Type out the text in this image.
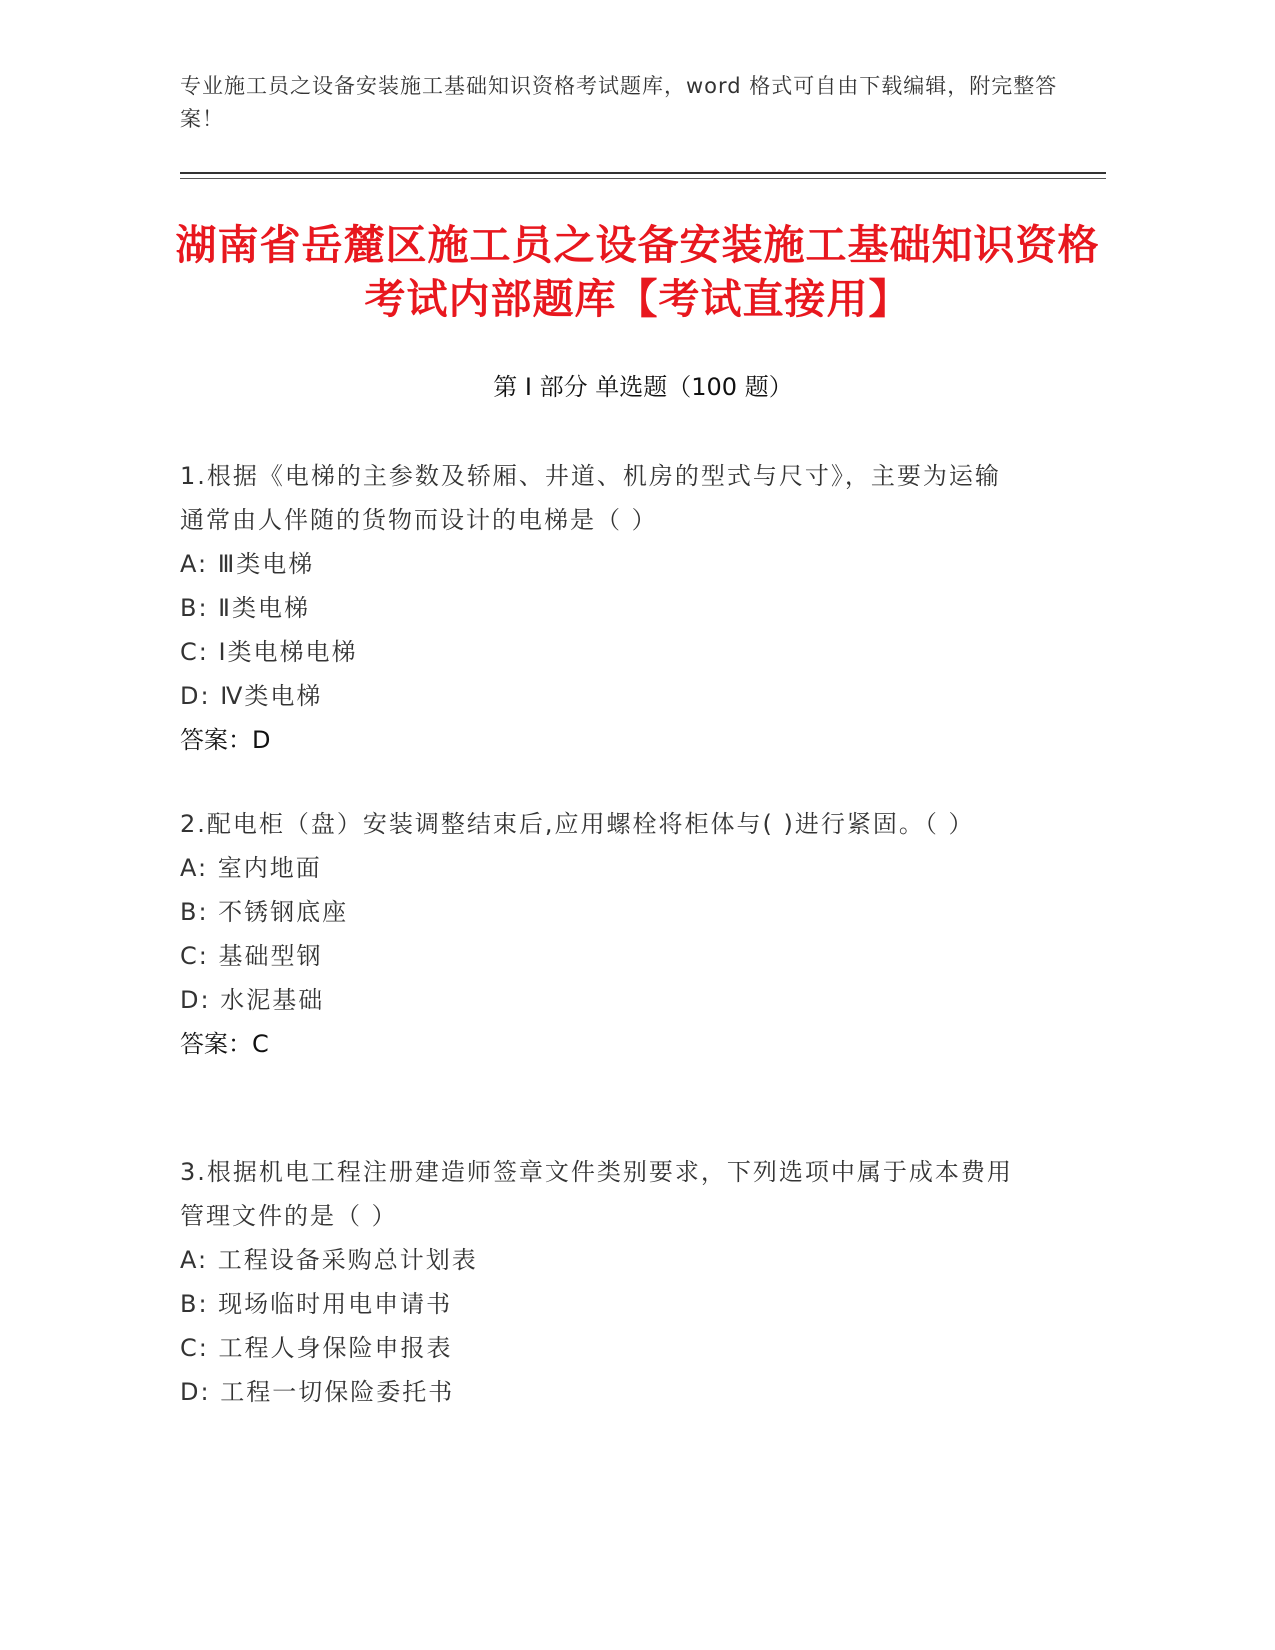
专业施工员之设备安装施工基础知识资格考试题库，word 格式可自由下载编辑，附完整答案！
湖南省岳麓区施工员之设备安装施工基础知识资格考试内部题库【考试直接用】
第 I 部分 单选题（100 题）

1.根据《电梯的主参数及轿厢、井道、机房的型式与尺寸》，主要为运输通常由人伴随的货物而设计的电梯是（ ）

A: Ⅲ类电梯

B: Ⅱ类电梯

C: Ⅰ类电梯电梯

D: Ⅳ类电梯

答案：D

2.配电柜（盘）安装调整结束后,应用螺栓将柜体与( )进行紧固。（ ）

A: 室内地面

B: 不锈钢底座

C: 基础型钢

D: 水泥基础

答案：C

3.根据机电工程注册建造师签章文件类别要求，下列选项中属于成本费用管理文件的是（ ）

A: 工程设备采购总计划表

B: 现场临时用电申请书

C: 工程人身保险申报表

D: 工程一切保险委托书
